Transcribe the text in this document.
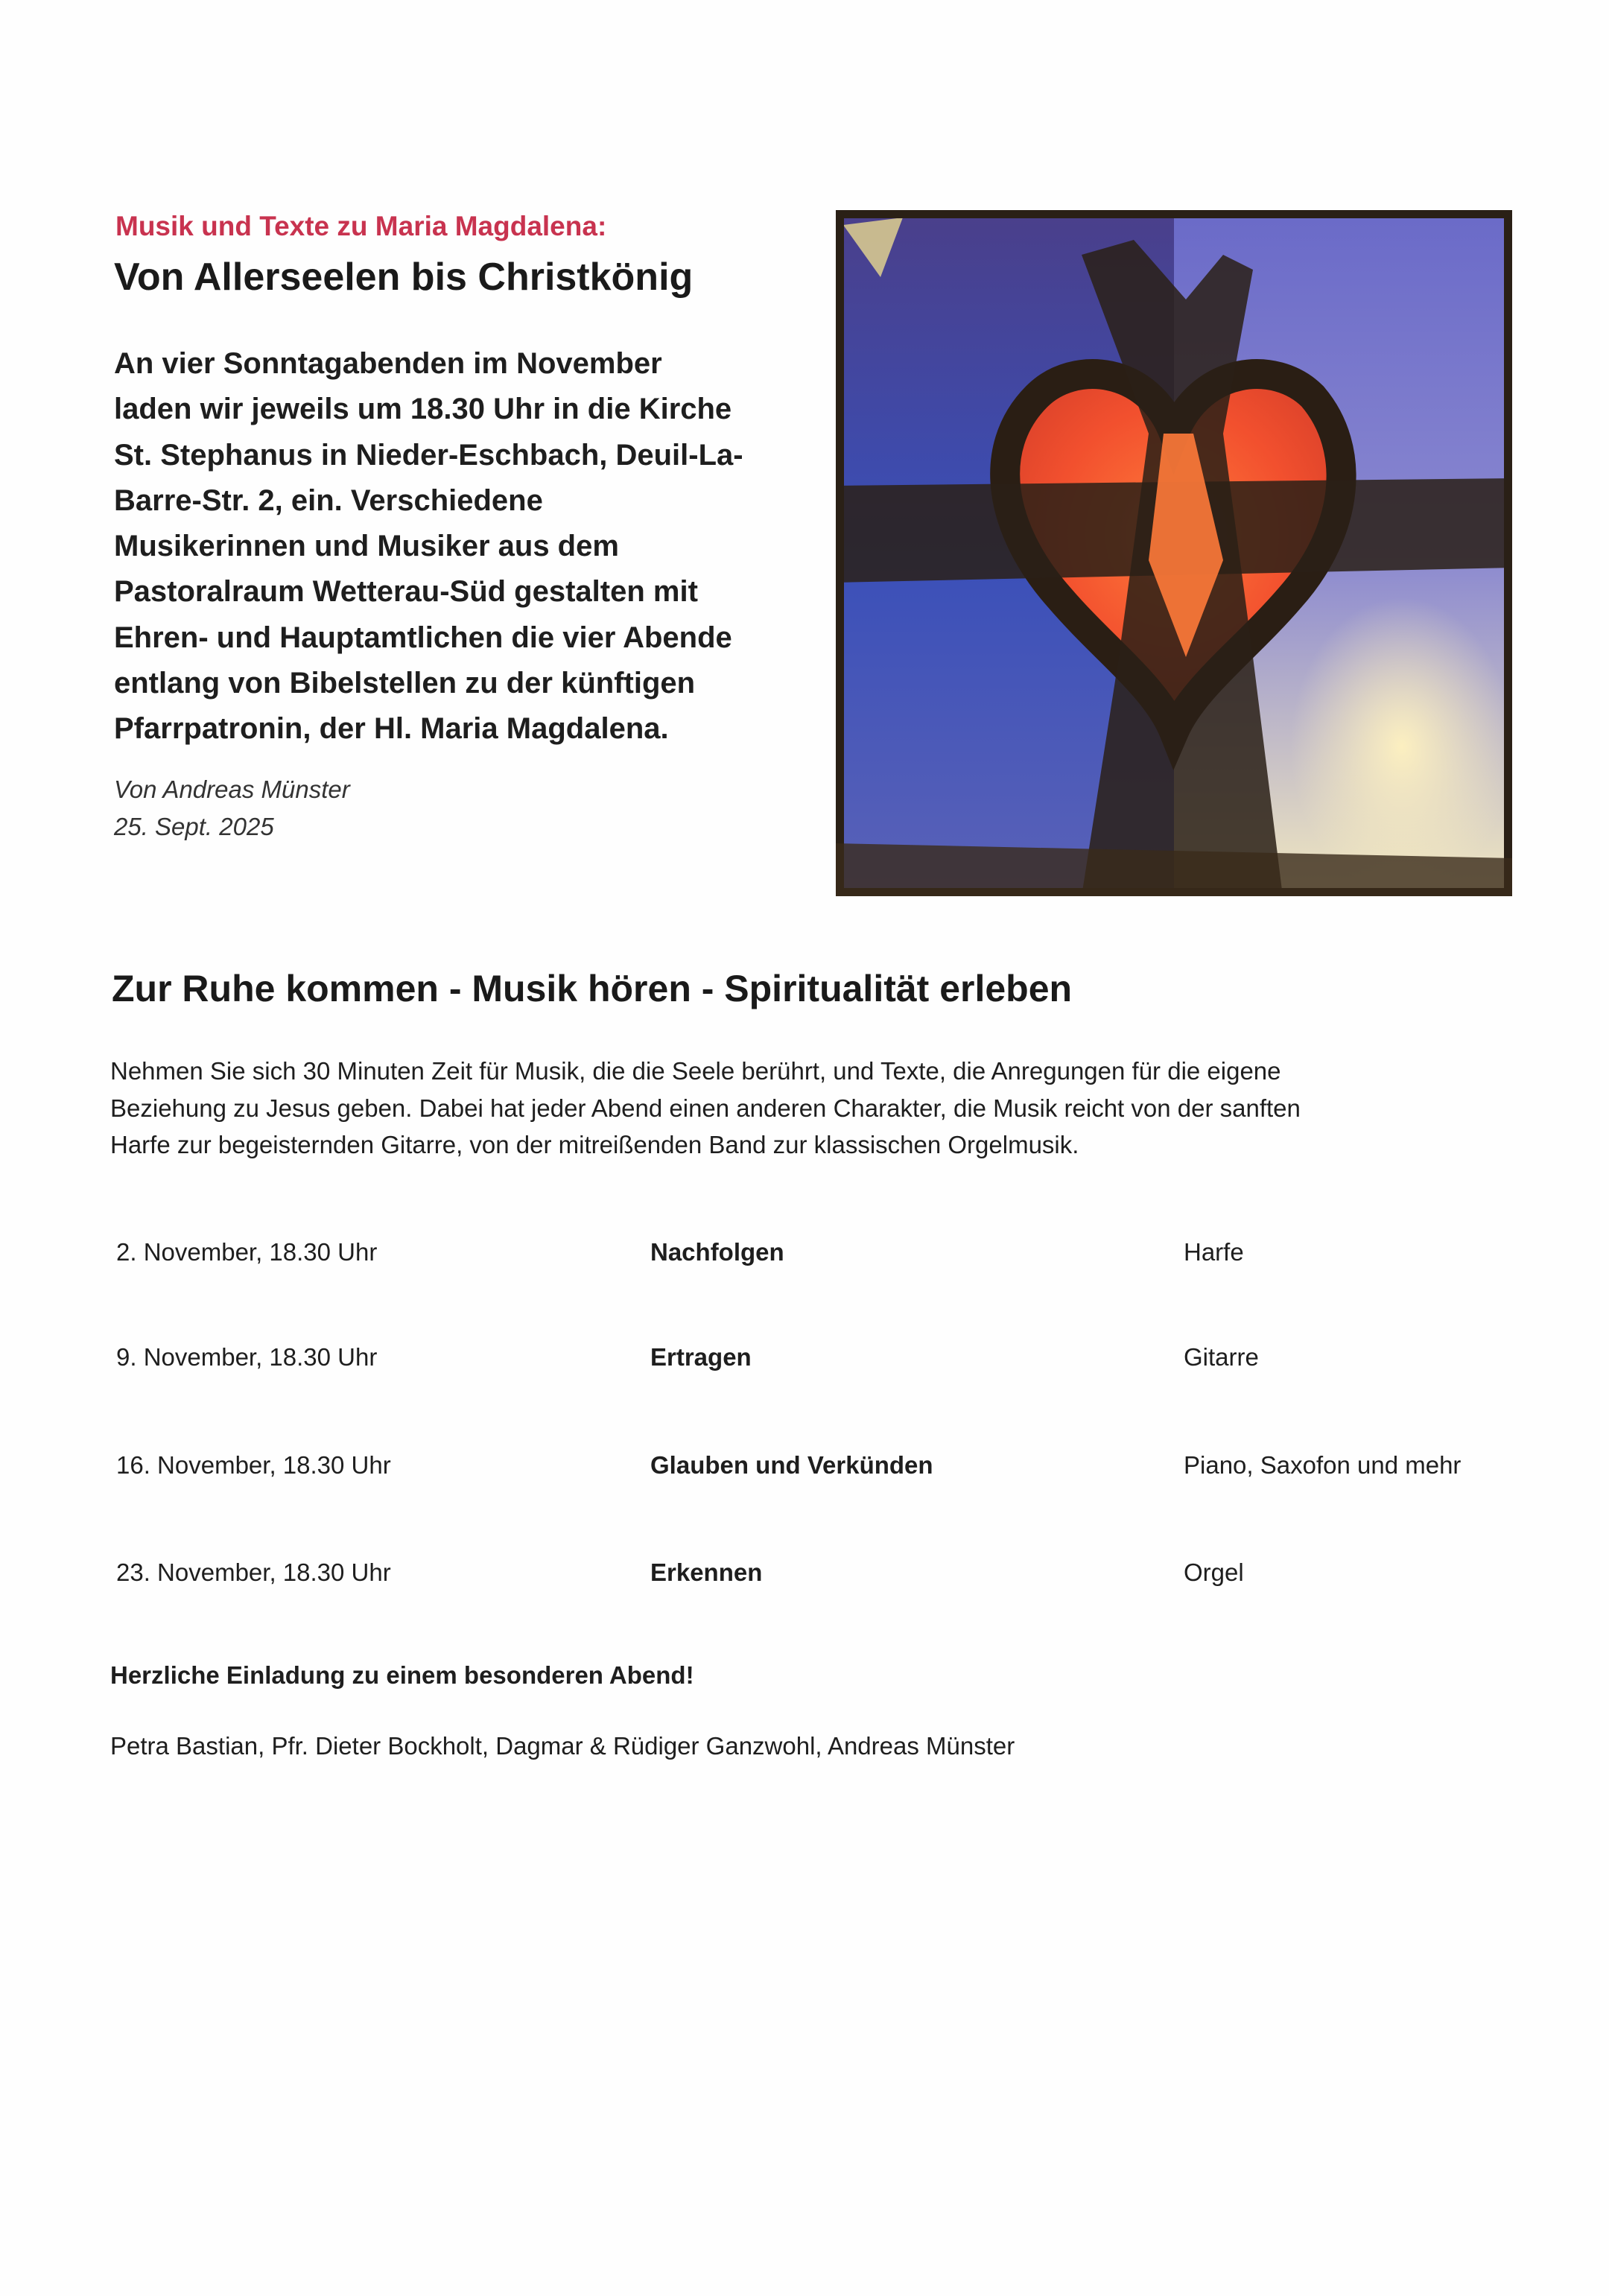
Musik und Texte zu Maria Magdalena:
Von Allerseelen bis Christkönig
An vier Sonntagabenden im November
laden wir jeweils um 18.30 Uhr in die Kirche
St. Stephanus in Nieder-Eschbach, Deuil-La-
Barre-Str. 2, ein. Verschiedene
Musikerinnen und Musiker aus dem
Pastoralraum Wetterau-Süd gestalten mit
Ehren- und Hauptamtlichen die vier Abende
entlang von Bibelstellen zu der künftigen
Pfarrpatronin, der Hl. Maria Magdalena.
Von Andreas Münster
25. Sept. 2025
Zur Ruhe kommen - Musik hören - Spiritualität erleben
Nehmen Sie sich 30 Minuten Zeit für Musik, die die Seele berührt, und Texte, die Anregungen für die eigene
Beziehung zu Jesus geben. Dabei hat jeder Abend einen anderen Charakter, die Musik reicht von der sanften
Harfe zur begeisternden Gitarre, von der mitreißenden Band zur klassischen Orgelmusik.
2. November, 18.30 Uhr	Nachfolgen	Harfe
9. November, 18.30 Uhr	Ertragen	Gitarre
16. November, 18.30 Uhr	Glauben und Verkünden	Piano, Saxofon und mehr
23. November, 18.30 Uhr	Erkennen	Orgel
Herzliche Einladung zu einem besonderen Abend!
Petra Bastian, Pfr. Dieter Bockholt, Dagmar & Rüdiger Ganzwohl, Andreas Münster
